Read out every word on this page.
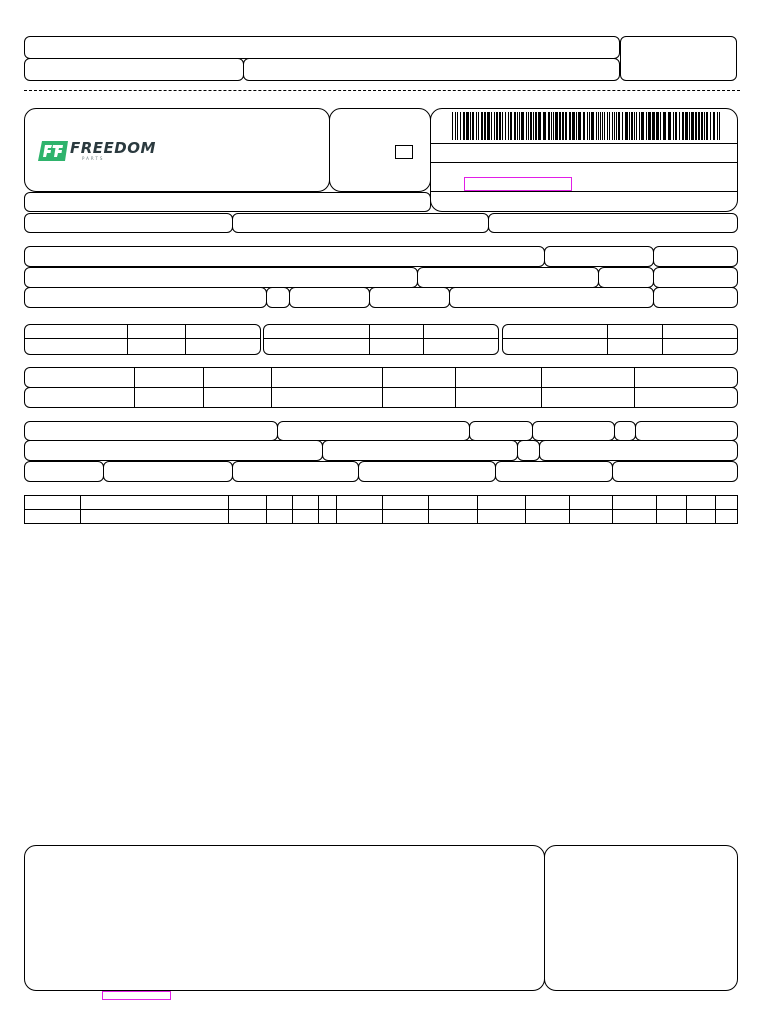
FREEDOM
PARTS
